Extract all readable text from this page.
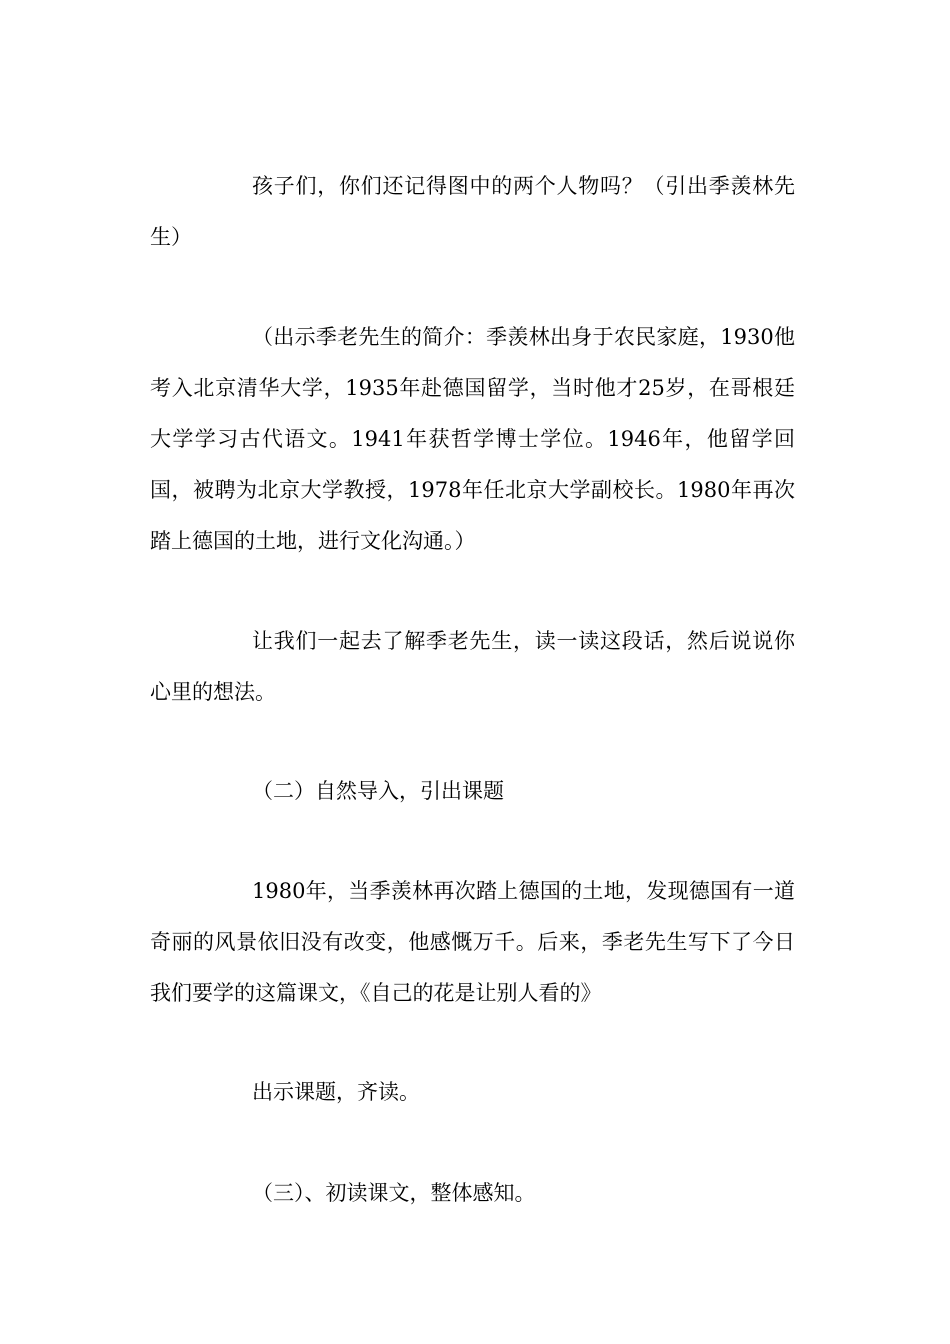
孩子们，你们还记得图中的两个人物吗？（引出季羡林先生）

（出示季老先生的简介：季羡林出身于农民家庭，1930他考入北京清华大学，1935年赴德国留学，当时他才25岁，在哥根廷大学学习古代语文。1941年获哲学博士学位。1946年，他留学回国，被聘为北京大学教授，1978年任北京大学副校长。1980年再次踏上德国的土地，进行文化沟通。）

让我们一起去了解季老先生，读一读这段话，然后说说你心里的想法。

（二）自然导入，引出课题

1980年，当季羡林再次踏上德国的土地，发现德国有一道奇丽的风景依旧没有改变，他感慨万千。后来，季老先生写下了今日我们要学的这篇课文，《自己的花是让别人看的》

出示课题，齐读。

（三）、初读课文，整体感知。
